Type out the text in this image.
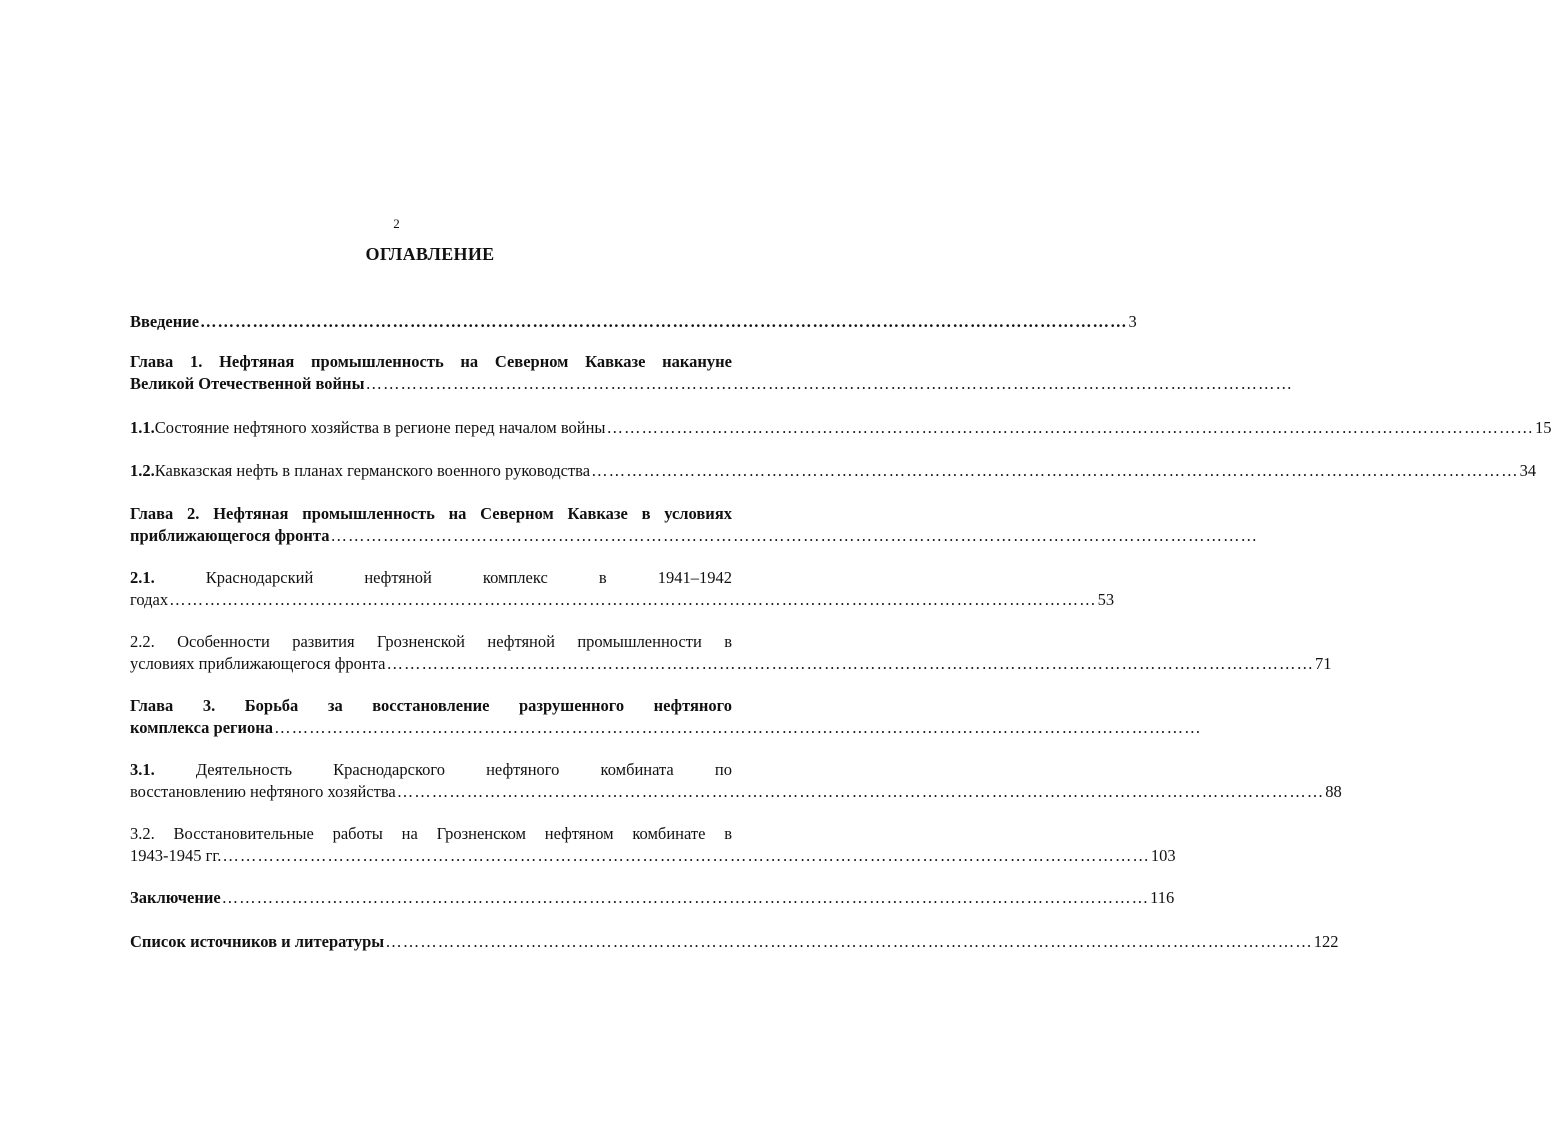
2
ОГЛАВЛЕНИЕ
Введение …………………………………………………………………………………………………………………………………………… 3
Глава 1. Нефтяная промышленность на Северном Кавказе накануне
Великой Отечественной войны ……………………………………………………………………………………………………………………………………………
1.1. Состояние нефтяного хозяйства в регионе перед началом войны …………………………………………………………………………………………………………………………………………… 15
1.2. Кавказская нефть в планах германского военного руководства …………………………………………………………………………………………………………………………………………… 34
Глава 2. Нефтяная промышленность на Северном Кавказе в условиях
приближающегося фронта ……………………………………………………………………………………………………………………………………………
2.1.	Краснодарский	нефтяной	комплекс	в	1941–1942
годах …………………………………………………………………………………………………………………………………………… 53
2.2. Особенности развития Грозненской нефтяной промышленности в
условиях приближающегося фронта …………………………………………………………………………………………………………………………………………… 71
Глава 3. Борьба за восстановление разрушенного нефтяного
комплекса региона ……………………………………………………………………………………………………………………………………………
3.1. Деятельность Краснодарского нефтяного комбината по
восстановлению нефтяного хозяйства …………………………………………………………………………………………………………………………………………… 88
3.2. Восстановительные работы на Грозненском нефтяном комбинате в
1943-1945 гг. …………………………………………………………………………………………………………………………………………… 103
Заключение …………………………………………………………………………………………………………………………………………… 116
Список источников и литературы …………………………………………………………………………………………………………………………………………… 122
